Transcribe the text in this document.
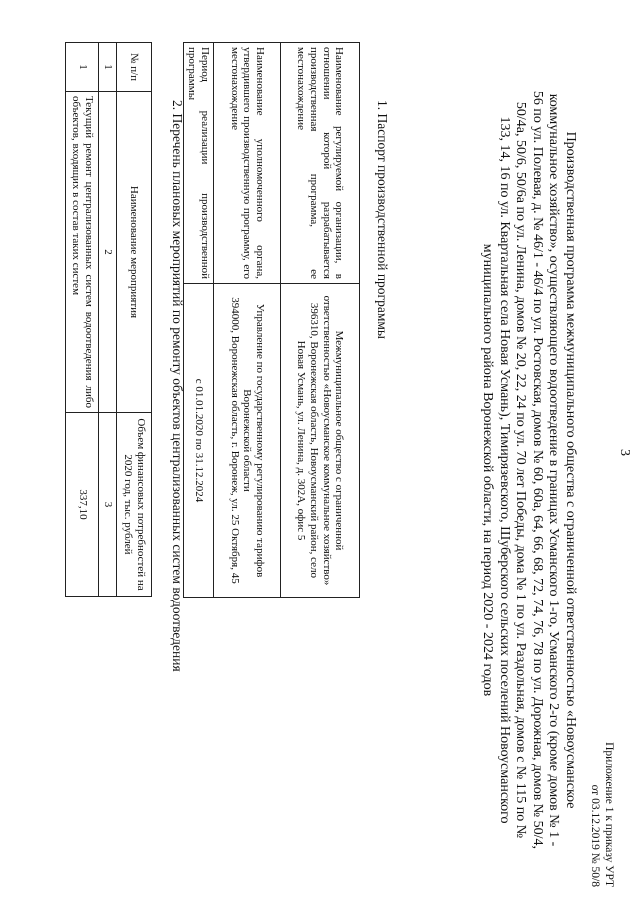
3
Приложение 1 к приказу УРТ
от 03.12.2019 № 50/8
Производственная программа межмуниципального общества с ограниченной ответственностью «Новоусманское коммунальное хозяйство», осуществляющего водоотведение в границах Усманского 1-го, Усманского 2-го (кроме домов № 1 - 56 по ул. Полевая, д. № 46/1 - 46/4 по ул. Ростовская, домов № 60, 60а, 64, 66, 68, 72, 74, 76, 78 по ул. Дорожная, домов № 50/4, 50/4а, 50/6, 50/6а по ул. Ленина, домов № 20, 22, 24 по ул. 70 лет Победы, дома № 1 по ул. Раздольная, домов с № 115 по № 133, 14, 16 по ул. Квартальная села Новая Усмань), Тимирязевского, Шуберского сельских поселений Новоусманского муниципального района Воронежской области, на период 2020 - 2024 годов
1. Паспорт производственной программы
Наименование регулируемой организации, в отношении которой разрабатывается производственная программа, ее местонахождение	Межмуниципальное общество с ограниченной ответственностью «Новоусманское коммунальное хозяйство»
396310, Воронежская область, Новоусманский район, село Новая Усмань, ул. Ленина, д. 302А, офис 5

Наименование уполномоченного органа, утвердившего производственную программу, его местонахождение	Управление по государственному регулированию тарифов Воронежской области
394000, Воронежская область, г. Воронеж, ул. 25 Октября, 45

Период реализации производственной программы	с 01.01.2020 по 31.12.2024
2. Перечень плановых мероприятий по ремонту объектов централизованных систем водоотведения
№ п/п	Наименование мероприятия	Объем финансовых потребностей на 2020 год, тыс. рублей
1	2	3
1	Текущий ремонт централизованных систем водоотведения либо объектов, входящих в состав таких систем	337,10
